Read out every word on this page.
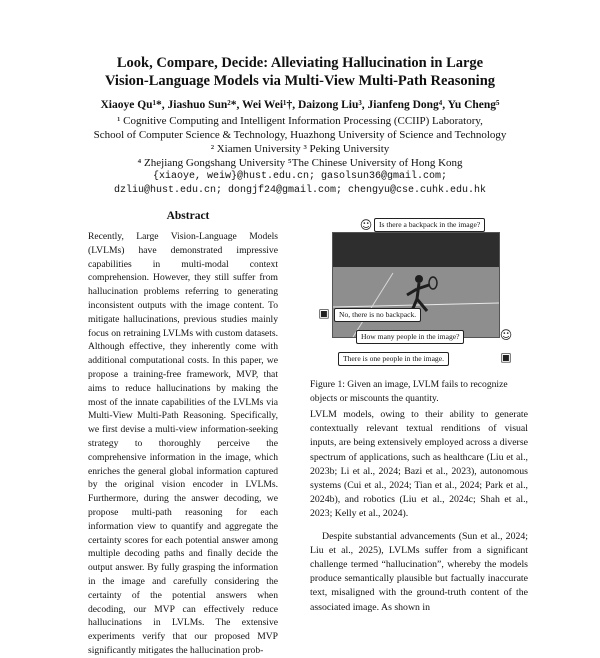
Look, Compare, Decide: Alleviating Hallucination in Large
Vision-Language Models via Multi-View Multi-Path Reasoning
Xiaoye Qu¹*, Jiashuo Sun²*, Wei Wei¹†, Daizong Liu³, Jianfeng Dong⁴, Yu Cheng⁵
¹ Cognitive Computing and Intelligent Information Processing (CCIIP) Laboratory,
School of Computer Science & Technology, Huazhong University of Science and Technology
² Xiamen University ³ Peking University
⁴ Zhejiang Gongshang University ⁵The Chinese University of Hong Kong
{xiaoye, weiw}@hust.edu.cn; gasolsun36@gmail.com;
dzliu@hust.edu.cn; dongjf24@gmail.com; chengyu@cse.cuhk.edu.hk
Abstract

Recently, Large Vision-Language Models (LVLMs) have demonstrated impressive capabilities in multi-modal context comprehension. However, they still suffer from hallucination problems referring to generating inconsistent outputs with the image content. To mitigate hallucinations, previous studies mainly focus on retraining LVLMs with custom datasets. Although effective, they inherently come with additional computational costs. In this paper, we propose a training-free framework, MVP, that aims to reduce hallucinations by making the most of the innate capabilities of the LVLMs via Multi-View Multi-Path Reasoning. Specifically, we first devise a multi-view information-seeking strategy to thoroughly perceive the comprehensive information in the image, which enriches the general global information captured by the original vision encoder in LVLMs. Furthermore, during the answer decoding, we propose multi-path reasoning for each information view to quantify and aggregate the certainty scores for each potential answer among multiple decoding paths and finally decide the output answer. By fully grasping the information in the image and carefully considering the certainty of the potential answers when decoding, our MVP can effectively reduce hallucinations in LVLMs. The extensive experiments verify that our proposed MVP significantly mitigates the hallucination prob-

Is there a backpack in the image?
☺
No, there is no backpack.
▣
How many people in the image?	☺
There is one people in the image.	▣

Figure 1: Given an image, LVLM fails to recognize objects or miscounts the quantity.

LVLM models, owing to their ability to generate contextually relevant textual renditions of visual inputs, are being extensively employed across a diverse spectrum of applications, such as healthcare (Liu et al., 2023b; Li et al., 2024; Bazi et al., 2023), autonomous systems (Cui et al., 2024; Tian et al., 2024; Park et al., 2024b), and robotics (Liu et al., 2024c; Shah et al., 2023; Kelly et al., 2024).

Despite substantial advancements (Sun et al., 2024; Liu et al., 2025), LVLMs suffer from a significant challenge termed “hallucination”, whereby the models produce semantically plausible but factually inaccurate text, misaligned with the ground-truth content of the associated image. As shown in
